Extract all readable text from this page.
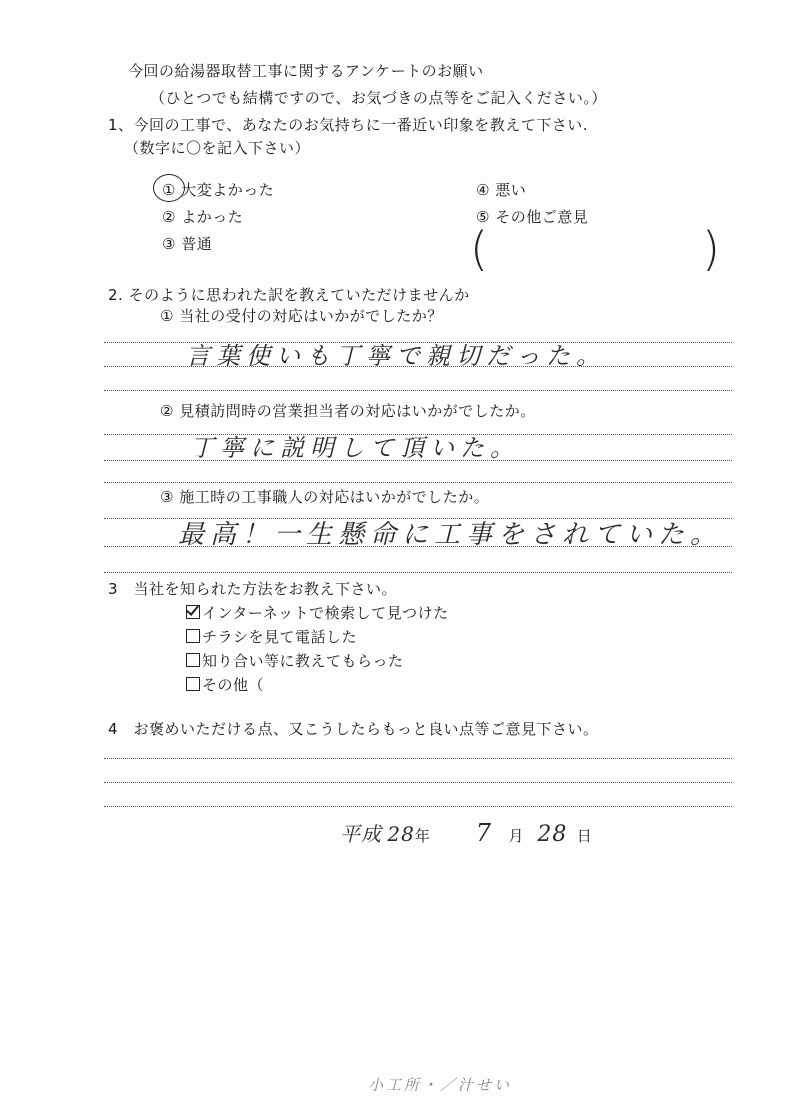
今回の給湯器取替工事に関するアンケートのお願い
（ひとつでも結構ですので、お気づきの点等をご記入ください。）
1、今回の工事で、あなたのお気持ちに一番近い印象を教えて下さい.
（数字に〇を記入下さい）
① 大変よかった
② よかった
③ 普通
④ 悪い
⑤ その他ご意見
(	)
2. そのように思われた訳を教えていただけませんか
① 当社の受付の対応はいかがでしたか？
言葉使いも丁寧で親切だった。
② 見積訪問時の営業担当者の対応はいかがでしたか。
丁寧に説明して頂いた。
③ 施工時の工事職人の対応はいかがでしたか。
最高！一生懸命に工事をされていた。
3　当社を知られた方法をお教え下さい。
インターネットで検索して見つけた
チラシを見て電話した
知り合い等に教えてもらった
その他（
4　お褒めいただける点、又こうしたらもっと良い点等ご意見下さい。
平成 28年 7 月 28 日
小工所・／汁せい
